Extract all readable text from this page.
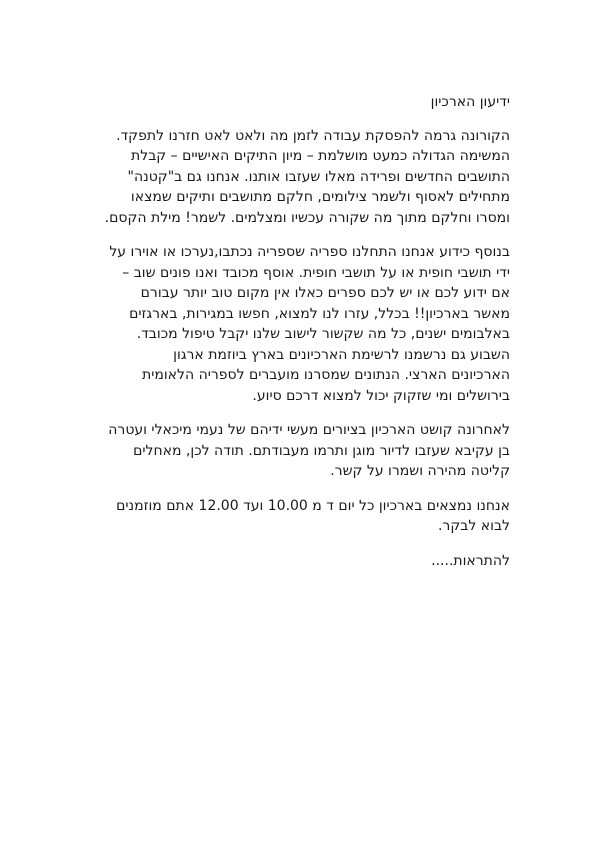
ידיעון הארכיון
הקורונה גרמה להפסקת עבודה לזמן מה ולאט לאט חזרנו לתפקד.
המשימה הגדולה כמעט מושלמת – מיון התיקים האישיים – קבלת
התושבים החדשים ופרידה מאלו שעזבו אותנו. אנחנו גם ב"קטנה"
מתחילים לאסוף ולשמר צילומים, חלקם מתושבים ותיקים שמצאו
ומסרו וחלקם מתוך מה שקורה עכשיו ומצלמים. לשמר! מילת הקסם.
בנוסף כידוע אנחנו התחלנו ספריה שספריה נכתבו,נערכו או אוירו על
ידי תושבי חופית או על תושבי חופית. אוסף מכובד ואנו פונים שוב –
אם ידוע לכם או יש לכם ספרים כאלו אין מקום טוב יותר עבורם
מאשר בארכיון!! בכלל, עזרו לנו למצוא, חפשו במגירות, בארגזים
באלבומים ישנים, כל מה שקשור לישוב שלנו יקבל טיפול מכובד.
השבוע גם נרשמנו לרשימת הארכיונים בארץ ביוזמת ארגון
הארכיונים הארצי. הנתונים שמסרנו מועברים לספריה הלאומית
בירושלים ומי שזקוק יכול למצוא דרכם סיוע.
לאחרונה קושט הארכיון בציורים מעשי ידיהם של נעמי מיכאלי ועטרה
בן עקיבא שעזבו לדיור מוגן ותרמו מעבודתם. תודה לכן, מאחלים
קליטה מהירה ושמרו על קשר.
אנחנו נמצאים בארכיון כל יום ד מ 10.00 ועד 12.00 אתם מוזמנים
לבוא לבקר.
להתראות.....
